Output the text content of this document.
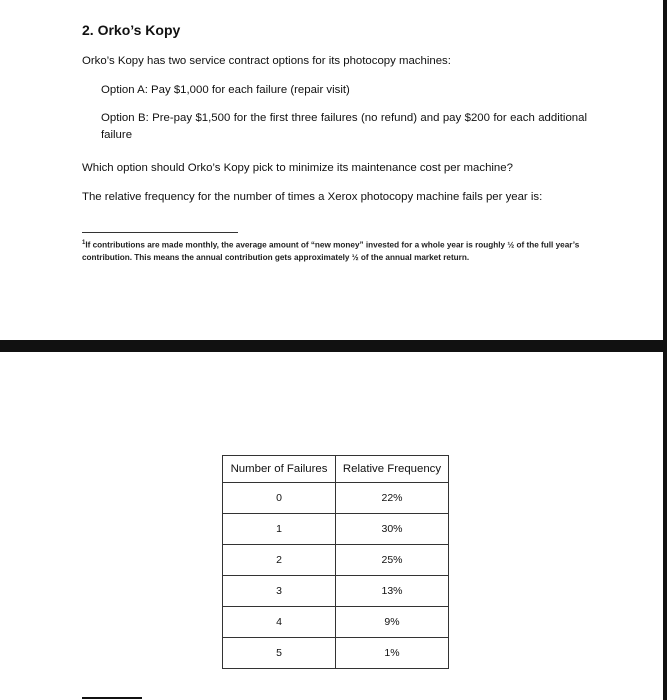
2. Orko’s Kopy
Orko’s Kopy has two service contract options for its photocopy machines:
Option A: Pay $1,000 for each failure (repair visit)
Option B: Pre-pay $1,500 for the first three failures (no refund) and pay $200 for each additional failure
Which option should Orko’s Kopy pick to minimize its maintenance cost per machine?
The relative frequency for the number of times a Xerox photocopy machine fails per year is:
$^1$If contributions are made monthly, the average amount of “new money” invested for a whole year is roughly ½ of the full year’s contribution. This means the annual contribution gets approximately ½ of the annual market return.
Number of Failures	Relative Frequency
0	22%
1	30%
2	25%
3	13%
4	9%
5	1%
